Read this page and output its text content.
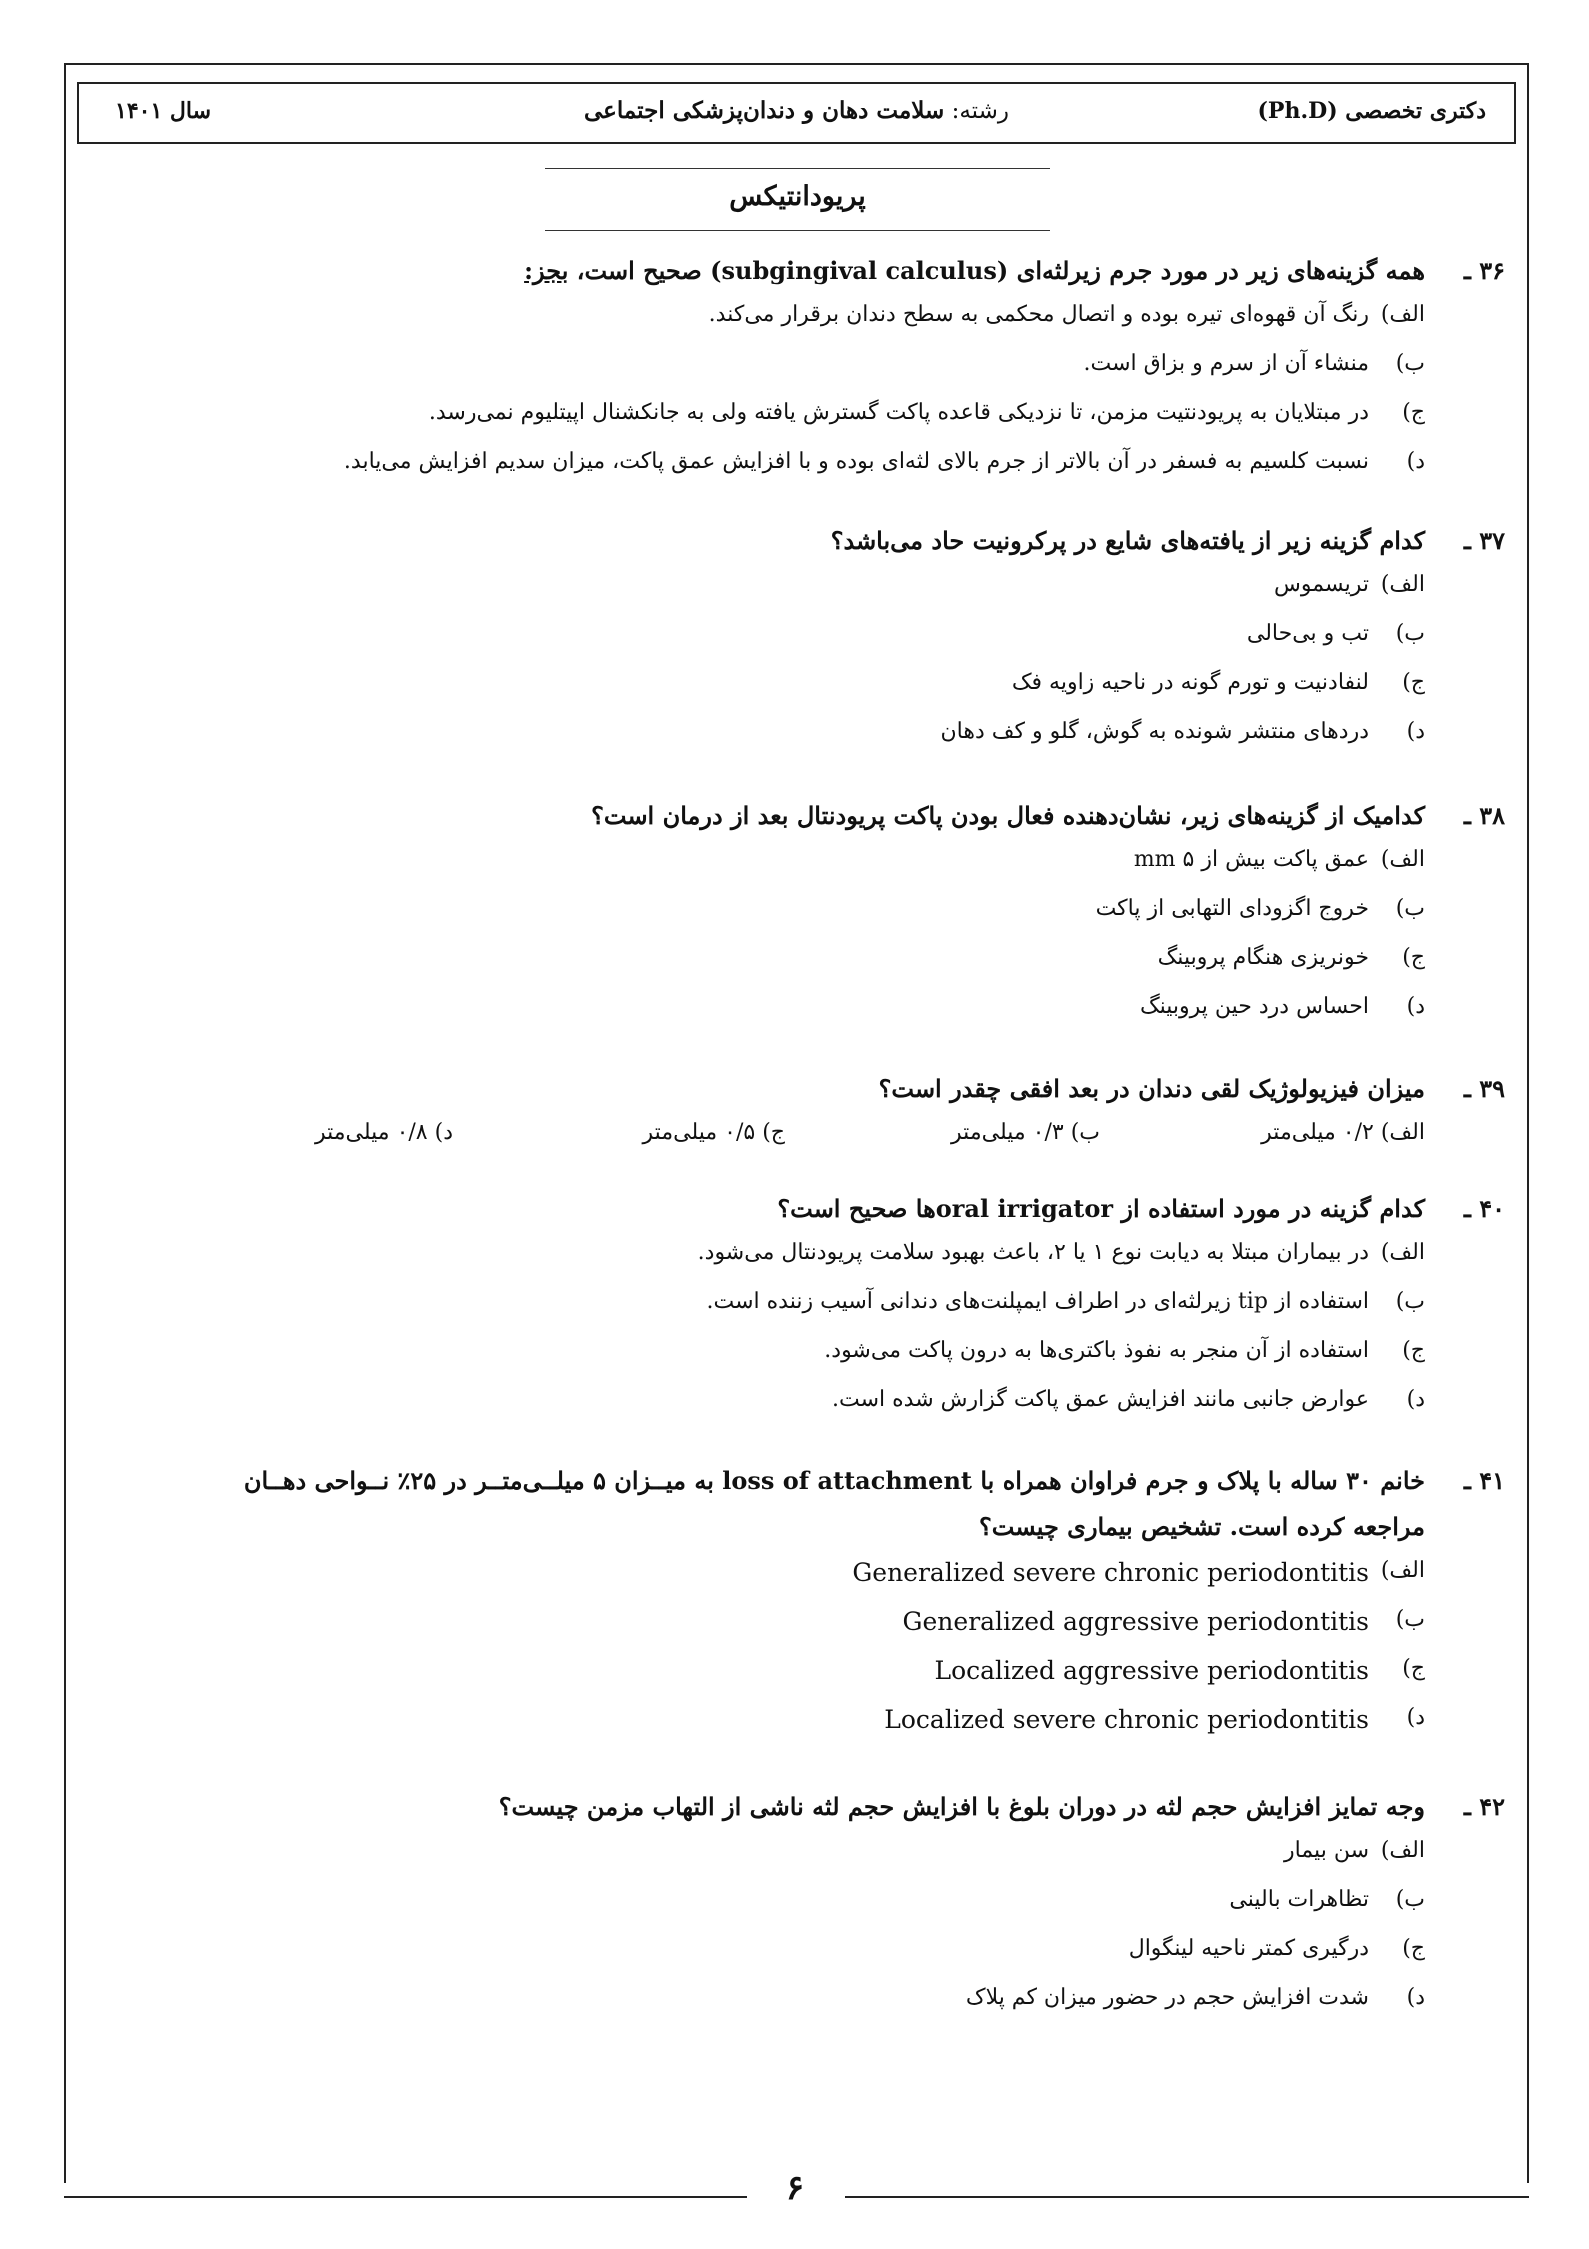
دکتری تخصصی (Ph.D)
رشته: سلامت دهان و دندان‌پزشکی اجتماعی
سال ۱۴۰۱
پریودانتیکس
۳۶ ـ
همه گزینه‌های زیر در مورد جرم زیرلثه‌ای (subgingival calculus) صحیح است، بجز:
الف)
رنگ آن قهوه‌ای تیره بوده و اتصال محکمی به سطح دندان برقرار می‌کند.
ب)
منشاء آن از سرم و بزاق است.
ج)
در مبتلایان به پریودنتیت مزمن، تا نزدیکی قاعده پاکت گسترش یافته ولی به جانکشنال اپیتلیوم نمی‌رسد.
د)
نسبت کلسیم به فسفر در آن بالاتر از جرم بالای لثه‌ای بوده و با افزایش عمق پاکت، میزان سدیم افزایش می‌یابد.
۳۷ ـ
کدام گزینه زیر از یافته‌های شایع در پرکرونیت حاد می‌باشد؟
الف)
تریسموس
ب)
تب و بی‌حالی
ج)
لنفادنیت و تورم گونه در ناحیه زاویه فک
د)
دردهای منتشر شونده به گوش، گلو و کف دهان
۳۸ ـ
کدامیک از گزینه‌های زیر، نشان‌دهنده فعال بودن پاکت پریودنتال بعد از درمان است؟
الف)
عمق پاکت بیش از ۵ mm
ب)
خروج اگزودای التهابی از پاکت
ج)
خونریزی هنگام پروبینگ
د)
احساس درد حین پروبینگ
۳۹ ـ
میزان فیزیولوژیک لقی دندان در بعد افقی چقدر است؟
الف) ۰/۲ میلی‌متر
ب) ۰/۳ میلی‌متر
ج) ۰/۵ میلی‌متر
د) ۰/۸ میلی‌متر
۴۰ ـ
کدام گزینه در مورد استفاده از oral irrigatorها صحیح است؟
الف)
در بیماران مبتلا به دیابت نوع ۱ یا ۲، باعث بهبود سلامت پریودنتال می‌شود.
ب)
استفاده از tip زیرلثه‌ای در اطراف ایمپلنت‌های دندانی آسیب زننده است.
ج)
استفاده از آن منجر به نفوذ باکتری‌ها به درون پاکت می‌شود.
د)
عوارض جانبی مانند افزایش عمق پاکت گزارش شده است.
۴۱ ـ
خانم ۳۰ ساله با پلاک و جرم فراوان همراه با loss of attachment به میــزان ۵ میلــی‌متــر در ۲۵٪ نــواحی دهــان
مراجعه کرده است. تشخیص بیماری چیست؟
الف)
Generalized severe chronic periodontitis
ب)
Generalized aggressive periodontitis
ج)
Localized aggressive periodontitis
د)
Localized severe chronic periodontitis
۴۲ ـ
وجه تمایز افزایش حجم لثه در دوران بلوغ با افزایش حجم لثه ناشی از التهاب مزمن چیست؟
الف)
سن بیمار
ب)
تظاهرات بالینی
ج)
درگیری کمتر ناحیه لینگوال
د)
شدت افزایش حجم در حضور میزان کم پلاک
۶
